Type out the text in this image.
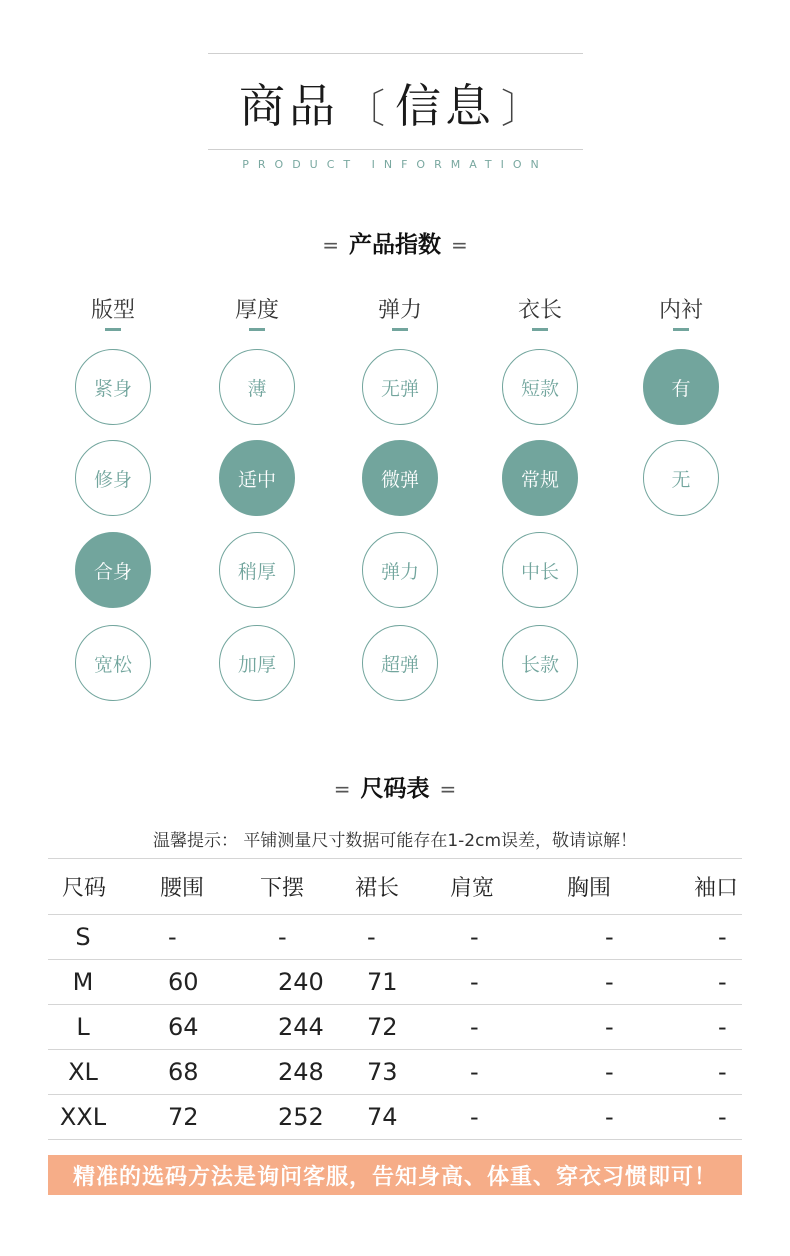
商品 〔 信息 〕
PRODUCT INFORMATION
= 产品指数 =
版型
紧身
修身
合身
宽松
厚度
薄
适中
稍厚
加厚
弹力
无弹
微弹
弹力
超弹
衣长
短款
常规
中长
长款
内衬
有
无
= 尺码表 =
温馨提示： 平铺测量尺寸数据可能存在1-2cm误差，敬请谅解！
尺码	腰围	下摆	裙长	肩宽	胸围	袖口
S	-	-	-	-	-	-
M	60	240	71	-	-	-
L	64	244	72	-	-	-
XL	68	248	73	-	-	-
XXL	72	252	74	-	-	-
精准的选码方法是询问客服，告知身高、体重、穿衣习惯即可！
